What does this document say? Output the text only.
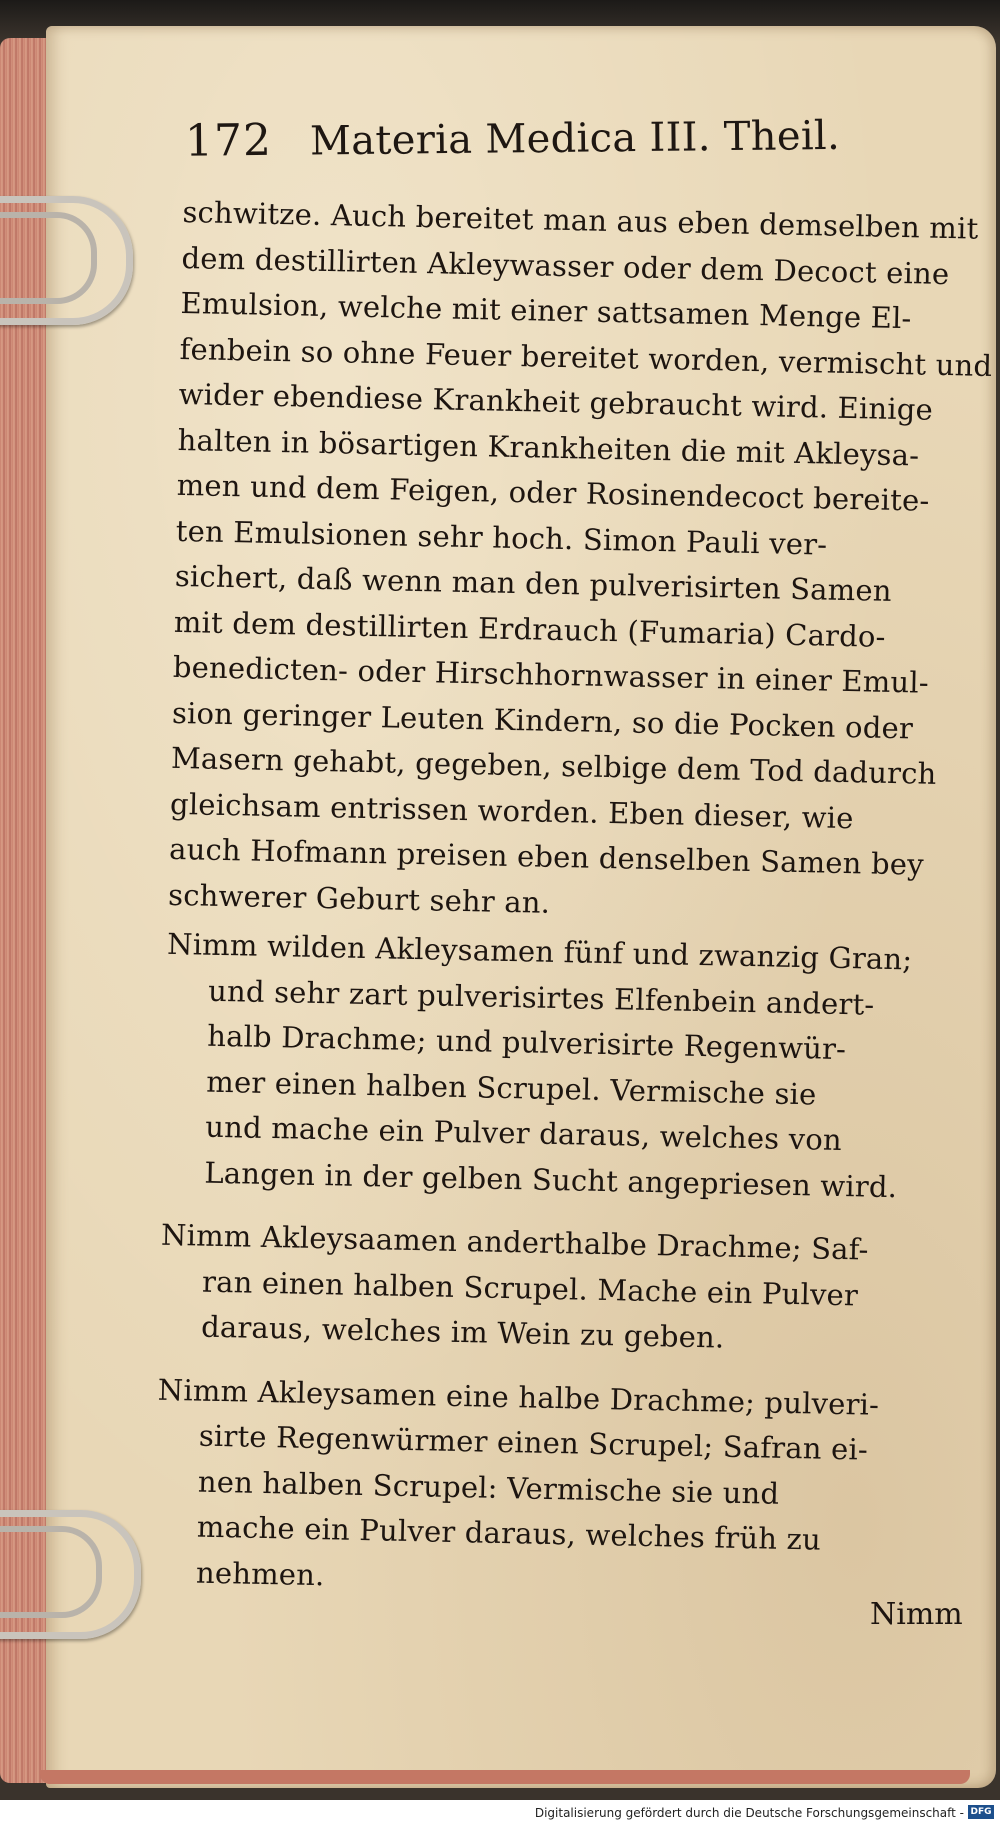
172 Materia Medica III. Theil.
schwitze. Auch bereitet man aus eben demselben mit
dem destillirten Akleywasser oder dem Decoct eine
Emulsion, welche mit einer sattsamen Menge El-
fenbein so ohne Feuer bereitet worden, vermischt und
wider ebendiese Krankheit gebraucht wird. Einige
halten in bösartigen Krankheiten die mit Akleysa-
men und dem Feigen, oder Rosinendecoct bereite-
ten Emulsionen sehr hoch. Simon Pauli ver-
sichert, daß wenn man den pulverisirten Samen
mit dem destillirten Erdrauch (Fumaria) Cardo-
benedicten- oder Hirschhornwasser in einer Emul-
sion geringer Leuten Kindern, so die Pocken oder
Masern gehabt, gegeben, selbige dem Tod dadurch
gleichsam entrissen worden. Eben dieser, wie
auch Hofmann preisen eben denselben Samen bey
schwerer Geburt sehr an.
Nimm wilden Akleysamen fünf und zwanzig Gran;
und sehr zart pulverisirtes Elfenbein andert-
halb Drachme; und pulverisirte Regenwür-
mer einen halben Scrupel. Vermische sie
und mache ein Pulver daraus, welches von
Langen in der gelben Sucht angepriesen wird.
Nimm Akleysaamen anderthalbe Drachme; Saf-
ran einen halben Scrupel. Mache ein Pulver
daraus, welches im Wein zu geben.
Nimm Akleysamen eine halbe Drachme; pulveri-
sirte Regenwürmer einen Scrupel; Safran ei-
nen halben Scrupel: Vermische sie und
mache ein Pulver daraus, welches früh zu
nehmen.
Nimm
Digitalisierung gefördert durch die Deutsche Forschungsgemeinschaft - DFG
